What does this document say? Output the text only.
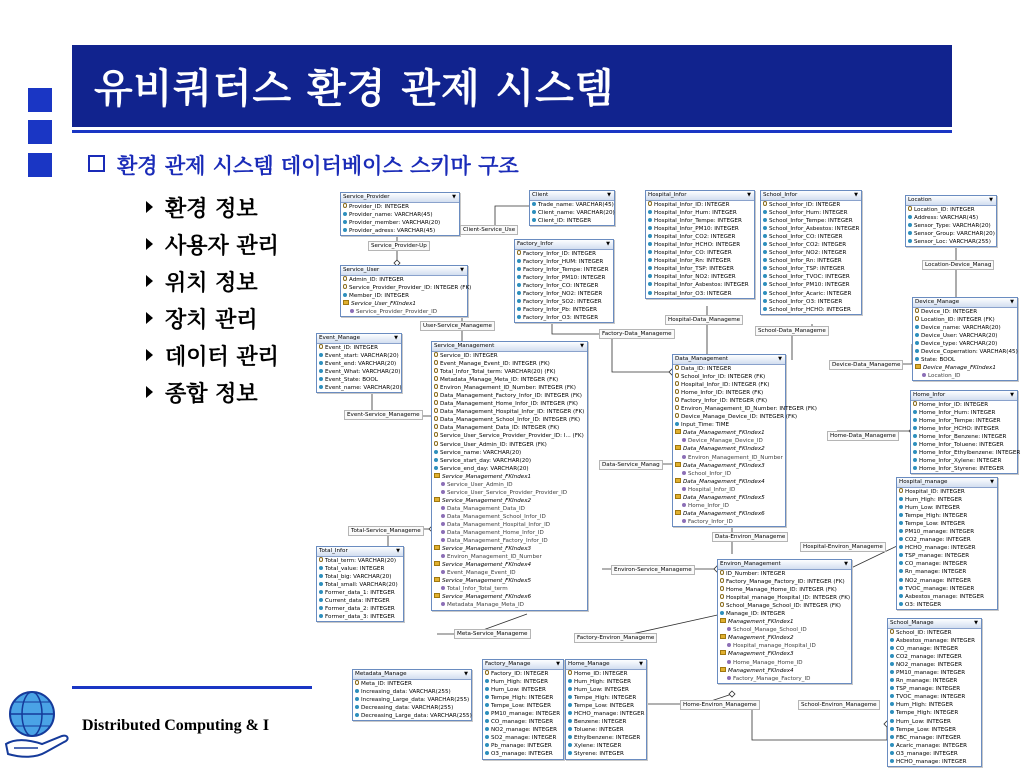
유비쿼터스 환경 관제 시스템
환경 관제 시스템 데이터베이스 스키마 구조
환경 정보
사용자 관리
위치 정보
장치 관리
데이터 관리
종합 정보
Service_Provider	▼
Provider_ID: INTEGER
Provider_name: VARCHAR(45)
Provider_member: VARCHAR(20)
Provider_adress: VARCHAR(45)
Client	▼
Trade_name: VARCHAR(45)
Client_name: VARCHAR(20)
Client_ID: INTEGER
Hospital_Infor	▼
Hospital_Infor_ID: INTEGER
Hospital_Infor_Hum: INTEGER
Hospital_Infor_Tempe: INTEGER
Hospital_Infor_PM10: INTEGER
Hospital_Infor_CO2: INTEGER
Hospital_Infor_HCHO: INTEGER
Hospital_Infor_CO: INTEGER
Hospital_Infor_Rn: INTEGER
Hospital_Infor_TSP: INTEGER
Hospital_Infor_NO2: INTEGER
Hospital_Infor_Asbestos: INTEGER
Hospital_Infor_O3: INTEGER
School_Infor	▼
School_Infor_ID: INTEGER
School_Infor_Hum: INTEGER
School_Infor_Tempe: INTEGER
School_Infor_Asbestos: INTEGER
School_Infor_CO: INTEGER
School_Infor_CO2: INTEGER
School_Infor_NO2: INTEGER
School_Infor_Rn: INTEGER
School_Infor_TSP: INTEGER
School_Infor_TVOC: INTEGER
School_Infor_PM10: INTEGER
School_Infor_Acaric: INTEGER
School_Infor_O3: INTEGER
School_Infor_HCHO: INTEGER
Location	▼
Location_ID: INTEGER
Address: VARCHAR(45)
Sensor_Type: VARCHAR(20)
Sensor_Group: VARCHAR(20)
Sensor_Loc: VARCHAR(255)
Service_User	▼
Admin_ID: INTEGER
Service_Provider_Provider_ID: INTEGER (FK)
Member_ID: INTEGER
Service_User_FKIndex1
Service_Provider_Provider_ID
Factory_Infor	▼
Factory_Infor_ID: INTEGER
Factory_Infor_HUM: INTEGER
Factory_Infor_Tempe: INTEGER
Factory_Infor_PM10: INTEGER
Factory_Infor_CO: INTEGER
Factory_Infor_NO2: INTEGER
Factory_Infor_SO2: INTEGER
Factory_Infor_Pb: INTEGER
Factory_Infor_O3: INTEGER
Device_Manage	▼
Device_ID: INTEGER
Location_ID: INTEGER (FK)
Device_name: VARCHAR(20)
Device_User: VARCHAR(20)
Device_type: VARCHAR(20)
Device_Coperration: VARCHAR(45)
State: BOOL
Device_Manage_FKIndex1
Location_ID
Event_Manage	▼
Event_ID: INTEGER
Event_start: VARCHAR(20)
Event_end: VARCHAR(20)
Event_What: VARCHAR(20)
Event_State: BOOL
Event_name: VARCHAR(20)
Service_Management	▼
Service_ID: INTEGER
Event_Manage_Event_ID: INTEGER (FK)
Total_Infor_Total_term: VARCHAR(20) (FK)
Metadata_Manage_Meta_ID: INTEGER (FK)
Environ_Management_ID_Number: INTEGER (FK)
Data_Management_Factory_Infor_ID: INTEGER (FK)
Data_Management_Home_Infor_ID: INTEGER (FK)
Data_Management_Hospital_Infor_ID: INTEGER (FK)
Data_Management_School_Infor_ID: INTEGER (FK)
Data_Management_Data_ID: INTEGER (FK)
Service_User_Service_Provider_Provider_ID: I... (FK)
Service_User_Admin_ID: INTEGER (FK)
Service_name: VARCHAR(20)
Service_start_day: VARCHAR(20)
Service_end_day: VARCHAR(20)
Service_Management_FKIndex1
Service_User_Admin_ID
Service_User_Service_Provider_Provider_ID
Service_Management_FKIndex2
Data_Management_Data_ID
Data_Management_School_Infor_ID
Data_Management_Hospital_Infor_ID
Data_Management_Home_Infor_ID
Data_Management_Factory_Infor_ID
Service_Management_FKIndex3
Environ_Management_ID_Number
Service_Management_FKIndex4
Event_Manage_Event_ID
Service_Management_FKIndex5
Total_Infor_Total_term
Service_Management_FKIndex6
Metadata_Manage_Meta_ID
Data_Management	▼
Data_ID: INTEGER
School_Infor_ID: INTEGER (FK)
Hospital_Infor_ID: INTEGER (FK)
Home_Infor_ID: INTEGER (FK)
Factory_Infor_ID: INTEGER (FK)
Environ_Management_ID_Number: INTEGER (FK)
Device_Manage_Device_ID: INTEGER (FK)
Input_Time: TIME
Data_Management_FKIndex1
Device_Manage_Device_ID
Data_Management_FKIndex2
Environ_Management_ID_Number
Data_Management_FKIndex3
School_Infor_ID
Data_Management_FKIndex4
Hospital_Infor_ID
Data_Management_FKIndex5
Home_Infor_ID
Data_Management_FKIndex6
Factory_Infor_ID
Home_Infor	▼
Home_Infor_ID: INTEGER
Home_Infor_Hum: INTEGER
Home_Infor_Tempe: INTEGER
Home_Infor_HCHO: INTEGER
Home_Infor_Benzene: INTEGER
Home_Infor_Toluene: INTEGER
Home_Infor_Ethylbenzene: INTEGER
Home_Infor_Xylene: INTEGER
Home_Infor_Styrene: INTEGER
Hospital_manage	▼
Hospital_ID: INTEGER
Hum_High: INTEGER
Hum_Low: INTEGER
Tempe_High: INTEGER
Tempe_Low: INTEGER
PM10_manage: INTEGER
CO2_manage: INTEGER
HCHO_manage: INTEGER
TSP_manage: INTEGER
CO_manage: INTEGER
Rn_manage: INTEGER
NO2_manage: INTEGER
TVOC_manage: INTEGER
Asbestos_manage: INTEGER
O3: INTEGER
Total_Infor	▼
Total_term: VARCHAR(20)
Total_value: INTEGER
Total_big: VARCHAR(20)
Total_small: VARCHAR(20)
Former_data_1: INTEGER
Current_data: INTEGER
Former_data_2: INTEGER
Former_data_3: INTEGER
Environ_Management	▼
ID_Number: INTEGER
Factory_Manage_Factory_ID: INTEGER (FK)
Home_Manage_Home_ID: INTEGER (FK)
Hospital_manage_Hospital_ID: INTEGER (FK)
School_Manage_School_ID: INTEGER (FK)
Manage_ID: INTEGER
Management_FKIndex1
School_Manage_School_ID
Management_FKIndex2
Hospital_manage_Hospital_ID
Management_FKIndex3
Home_Manage_Home_ID
Management_FKIndex4
Factory_Manage_Factory_ID
School_Manage	▼
School_ID: INTEGER
Asbestos_manage: INTEGER
CO_manage: INTEGER
CO2_manage: INTEGER
NO2_manage: INTEGER
PM10_manage: INTEGER
Rn_manage: INTEGER
TSP_manage: INTEGER
TVOC_manage: INTEGER
Hum_High: INTEGER
Tempe_High: INTEGER
Hum_Low: INTEGER
Tempe_Low: INTEGER
FBC_manage: INTEGER
Acaric_manage: INTEGER
O3_manage: INTEGER
HCHO_manage: INTEGER
Metadata_Manage	▼
Meta_ID: INTEGER
Increasing_data: VARCHAR(255)
Increasing_Large_data: VARCHAR(255)
Decreasing_data: VARCHAR(255)
Decreasing_Large_data: VARCHAR(255)
Factory_Manage	▼
Factory_ID: INTEGER
Hum_High: INTEGER
Hum_Low: INTEGER
Tempe_High: INTEGER
Tempe_Low: INTEGER
PM10_manage: INTEGER
CO_manage: INTEGER
NO2_manage: INTEGER
SO2_manage: INTEGER
Pb_manage: INTEGER
O3_manage: INTEGER
Home_Manage	▼
Home_ID: INTEGER
Hum_High: INTEGER
Hum_Low: INTEGER
Tempe_High: INTEGER
Tempe_Low: INTEGER
HCHO_manage: INTEGER
Benzene: INTEGER
Toluene: INTEGER
Ethylbenzene: INTEGER
Xylene: INTEGER
Styrene: INTEGER
Service_Provider-Up
Client-Service_Use
Location-Device_Manag
User-Service_Manageme
Factory-Data_Manageme
Hospital-Data_Manageme
School-Data_Manageme
Device-Data_Manageme
Event-Service_Manageme
Data-Service_Manag
Home-Data_Manageme
Total-Service_Manageme
Data-Environ_Manageme
Hospital-Environ_Manageme
Environ-Service_Manageme
Meta-Service_Manageme
Factory-Environ_Manageme
Home-Environ_Manageme	School-Environ_Manageme
Distributed Computing & I
